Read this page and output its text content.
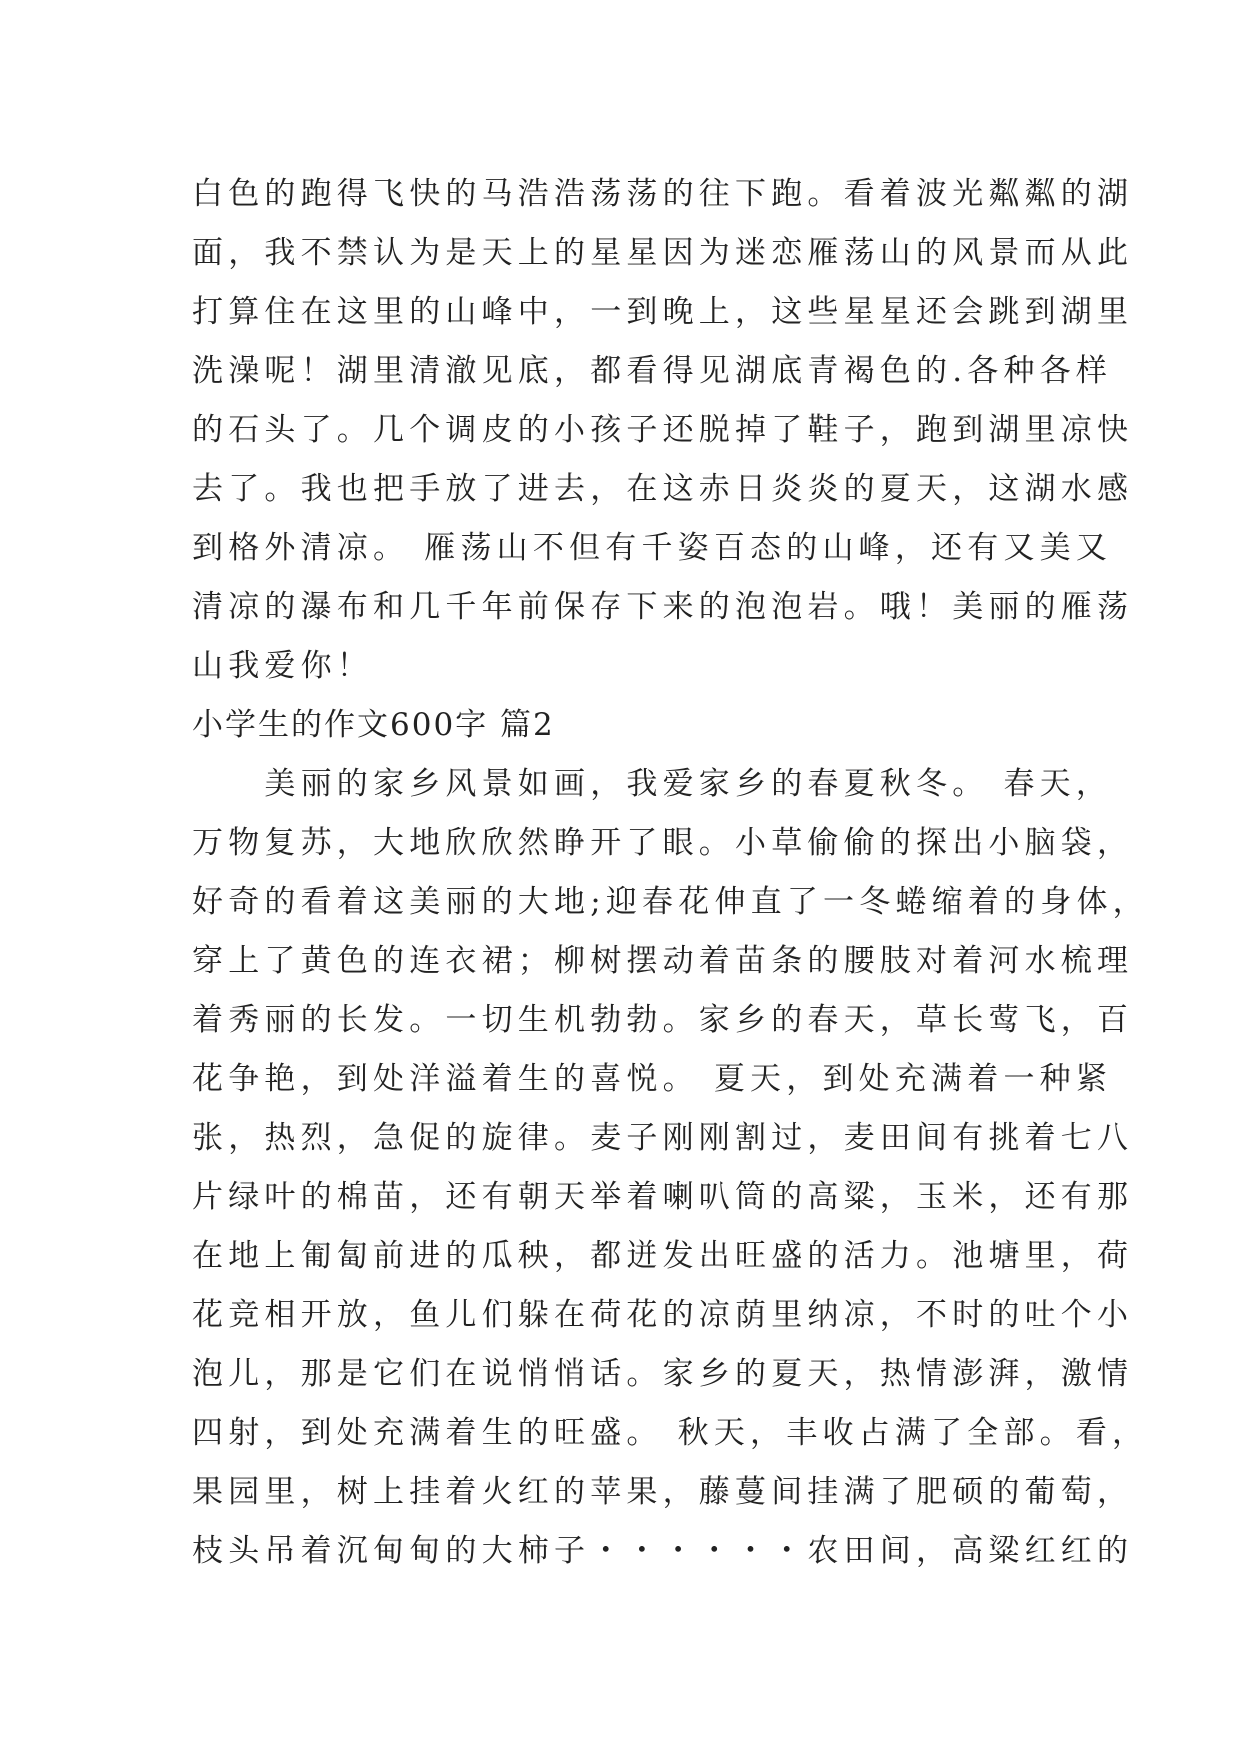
白色的跑得飞快的马浩浩荡荡的往下跑。看着波光粼粼的湖
面，我不禁认为是天上的星星因为迷恋雁荡山的风景而从此
打算住在这里的山峰中，一到晚上，这些星星还会跳到湖里
洗澡呢！湖里清澈见底，都看得见湖底青褐色的.各种各样
的石头了。几个调皮的小孩子还脱掉了鞋子，跑到湖里凉快
去了。我也把手放了进去，在这赤日炎炎的夏天，这湖水感
到格外清凉。 雁荡山不但有千姿百态的山峰，还有又美又
清凉的瀑布和几千年前保存下来的泡泡岩。哦！美丽的雁荡
山我爱你！
小学生的作文600字 篇2
　　美丽的家乡风景如画，我爱家乡的春夏秋冬。 春天，
万物复苏，大地欣欣然睁开了眼。小草偷偷的探出小脑袋，
好奇的看着这美丽的大地;迎春花伸直了一冬蜷缩着的身体，
穿上了黄色的连衣裙；柳树摆动着苗条的腰肢对着河水梳理
着秀丽的长发。一切生机勃勃。家乡的春天，草长莺飞，百
花争艳，到处洋溢着生的喜悦。 夏天，到处充满着一种紧
张，热烈，急促的旋律。麦子刚刚割过，麦田间有挑着七八
片绿叶的棉苗，还有朝天举着喇叭筒的高粱，玉米，还有那
在地上匍匐前进的瓜秧，都迸发出旺盛的活力。池塘里，荷
花竞相开放，鱼儿们躲在荷花的凉荫里纳凉，不时的吐个小
泡儿，那是它们在说悄悄话。家乡的夏天，热情澎湃，激情
四射，到处充满着生的旺盛。 秋天，丰收占满了全部。看，
果园里，树上挂着火红的苹果，藤蔓间挂满了肥硕的葡萄，
枝头吊着沉甸甸的大柿子・・・・・・农田间，高粱红红的
